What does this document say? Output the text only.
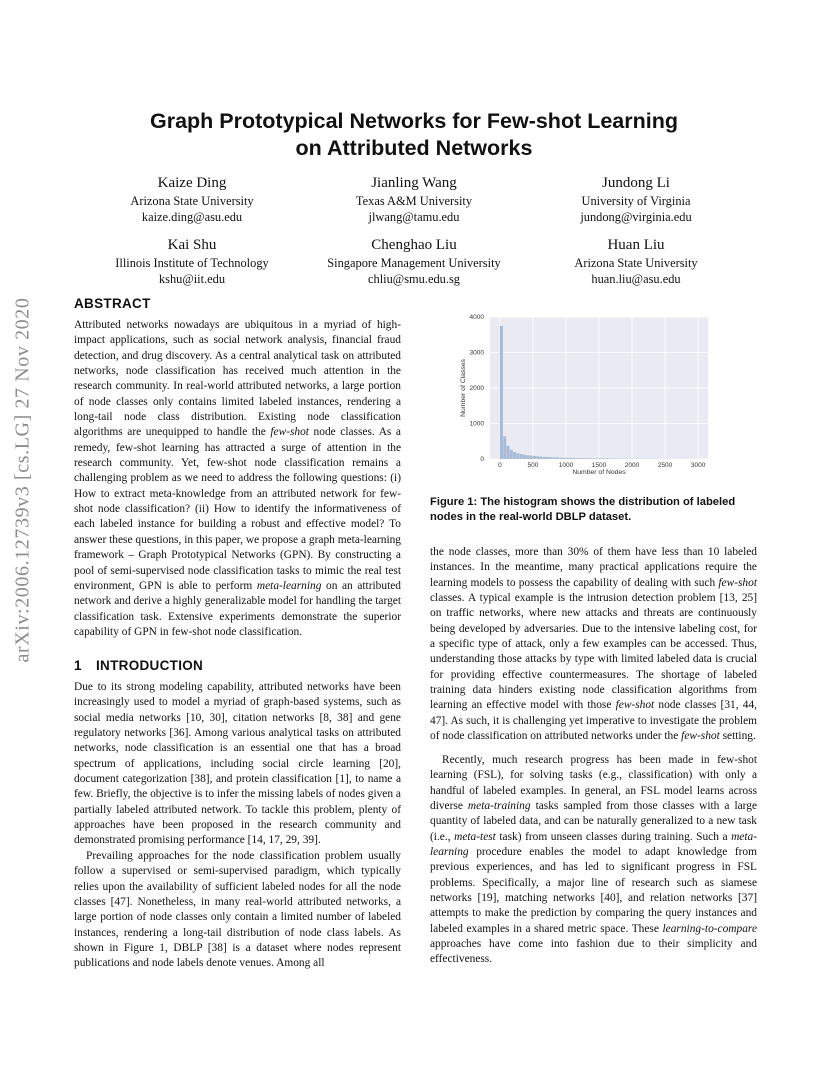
arXiv:2006.12739v3 [cs.LG] 27 Nov 2020
Graph Prototypical Networks for Few-shot Learning
on Attributed Networks
Kaize Ding
Arizona State University
kaize.ding@asu.edu
Jianling Wang
Texas A&M University
jlwang@tamu.edu
Jundong Li
University of Virginia
jundong@virginia.edu
Kai Shu
Illinois Institute of Technology
kshu@iit.edu
Chenghao Liu
Singapore Management University
chliu@smu.edu.sg
Huan Liu
Arizona State University
huan.liu@asu.edu
ABSTRACT

Attributed networks nowadays are ubiquitous in a myriad of high-impact applications, such as social network analysis, financial fraud detection, and drug discovery. As a central analytical task on attributed networks, node classification has received much attention in the research community. In real-world attributed networks, a large portion of node classes only contains limited labeled instances, rendering a long-tail node class distribution. Existing node classification algorithms are unequipped to handle the few-shot node classes. As a remedy, few-shot learning has attracted a surge of attention in the research community. Yet, few-shot node classification remains a challenging problem as we need to address the following questions: (i) How to extract meta-knowledge from an attributed network for few-shot node classification? (ii) How to identify the informativeness of each labeled instance for building a robust and effective model? To answer these questions, in this paper, we propose a graph meta-learning framework – Graph Prototypical Networks (GPN). By constructing a pool of semi-supervised node classification tasks to mimic the real test environment, GPN is able to perform meta-learning on an attributed network and derive a highly generalizable model for handling the target classification task. Extensive experiments demonstrate the superior capability of GPN in few-shot node classification.

1 INTRODUCTION

Due to its strong modeling capability, attributed networks have been increasingly used to model a myriad of graph-based systems, such as social media networks [10, 30], citation networks [8, 38] and gene regulatory networks [36]. Among various analytical tasks on attributed networks, node classification is an essential one that has a broad spectrum of applications, including social circle learning [20], document categorization [38], and protein classification [1], to name a few. Briefly, the objective is to infer the missing labels of nodes given a partially labeled attributed network. To tackle this problem, plenty of approaches have been proposed in the research community and demonstrated promising performance [14, 17, 29, 39].

Prevailing approaches for the node classification problem usually follow a supervised or semi-supervised paradigm, which typically relies upon the availability of sufficient labeled nodes for all the node classes [47]. Nonetheless, in many real-world attributed networks, a large portion of node classes only contain a limited number of labeled instances, rendering a long-tail distribution of node class labels. As shown in Figure 1, DBLP [38] is a dataset where nodes represent publications and node labels denote venues. Among all

0	500	1000	1500	2000	2500	3000
0
1000
2000
3000
4000
Number of Nodes
Number of Classes

Figure 1: The histogram shows the distribution of labeled nodes in the real-world DBLP dataset.

the node classes, more than 30% of them have less than 10 labeled instances. In the meantime, many practical applications require the learning models to possess the capability of dealing with such few-shot classes. A typical example is the intrusion detection problem [13, 25] on traffic networks, where new attacks and threats are continuously being developed by adversaries. Due to the intensive labeling cost, for a specific type of attack, only a few examples can be accessed. Thus, understanding those attacks by type with limited labeled data is crucial for providing effective countermeasures. The shortage of labeled training data hinders existing node classification algorithms from learning an effective model with those few-shot node classes [31, 44, 47]. As such, it is challenging yet imperative to investigate the problem of node classification on attributed networks under the few-shot setting.

Recently, much research progress has been made in few-shot learning (FSL), for solving tasks (e.g., classification) with only a handful of labeled examples. In general, an FSL model learns across diverse meta-training tasks sampled from those classes with a large quantity of labeled data, and can be naturally generalized to a new task (i.e., meta-test task) from unseen classes during training. Such a meta-learning procedure enables the model to adapt knowledge from previous experiences, and has led to significant progress in FSL problems. Specifically, a major line of research such as siamese networks [19], matching networks [40], and relation networks [37] attempts to make the prediction by comparing the query instances and labeled examples in a shared metric space. These learning-to-compare approaches have come into fashion due to their simplicity and effectiveness.
